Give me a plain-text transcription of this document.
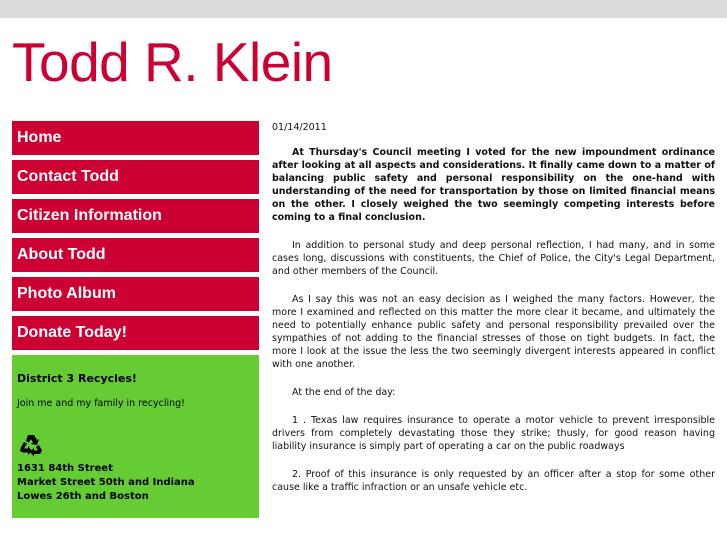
Todd R. Klein
Home
Contact Todd
Citizen Information
About Todd
Photo Album
Donate Today!
District 3 Recycles!
Join me and my family in recycling!
1631 84th Street
Market Street 50th and Indiana
Lowes 26th and Boston
01/14/2011

At Thursday's Council meeting I voted for the new impoundment ordinance after looking at all aspects and considerations. It finally came down to a matter of balancing public safety and personal responsibility on the one-hand with understanding of the need for transportation by those on limited financial means on the other. I closely weighed the two seemingly competing interests before coming to a final conclusion.

In addition to personal study and deep personal reflection, I had many, and in some cases long, discussions with constituents, the Chief of Police, the City's Legal Department, and other members of the Council.

As I say this was not an easy decision as I weighed the many factors. However, the more I examined and reflected on this matter the more clear it became, and ultimately the need to potentially enhance public safety and personal responsibility prevailed over the sympathies of not adding to the financial stresses of those on tight budgets. In fact, the more I look at the issue the less the two seemingly divergent interests appeared in conflict with one another.

At the end of the day:

1 . Texas law requires insurance to operate a motor vehicle to prevent irresponsible drivers from completely devastating those they strike; thusly, for good reason having liability insurance is simply part of operating a car on the public roadways

2. Proof of this insurance is only requested by an officer after a stop for some other cause like a traffic infraction or an unsafe vehicle etc.
